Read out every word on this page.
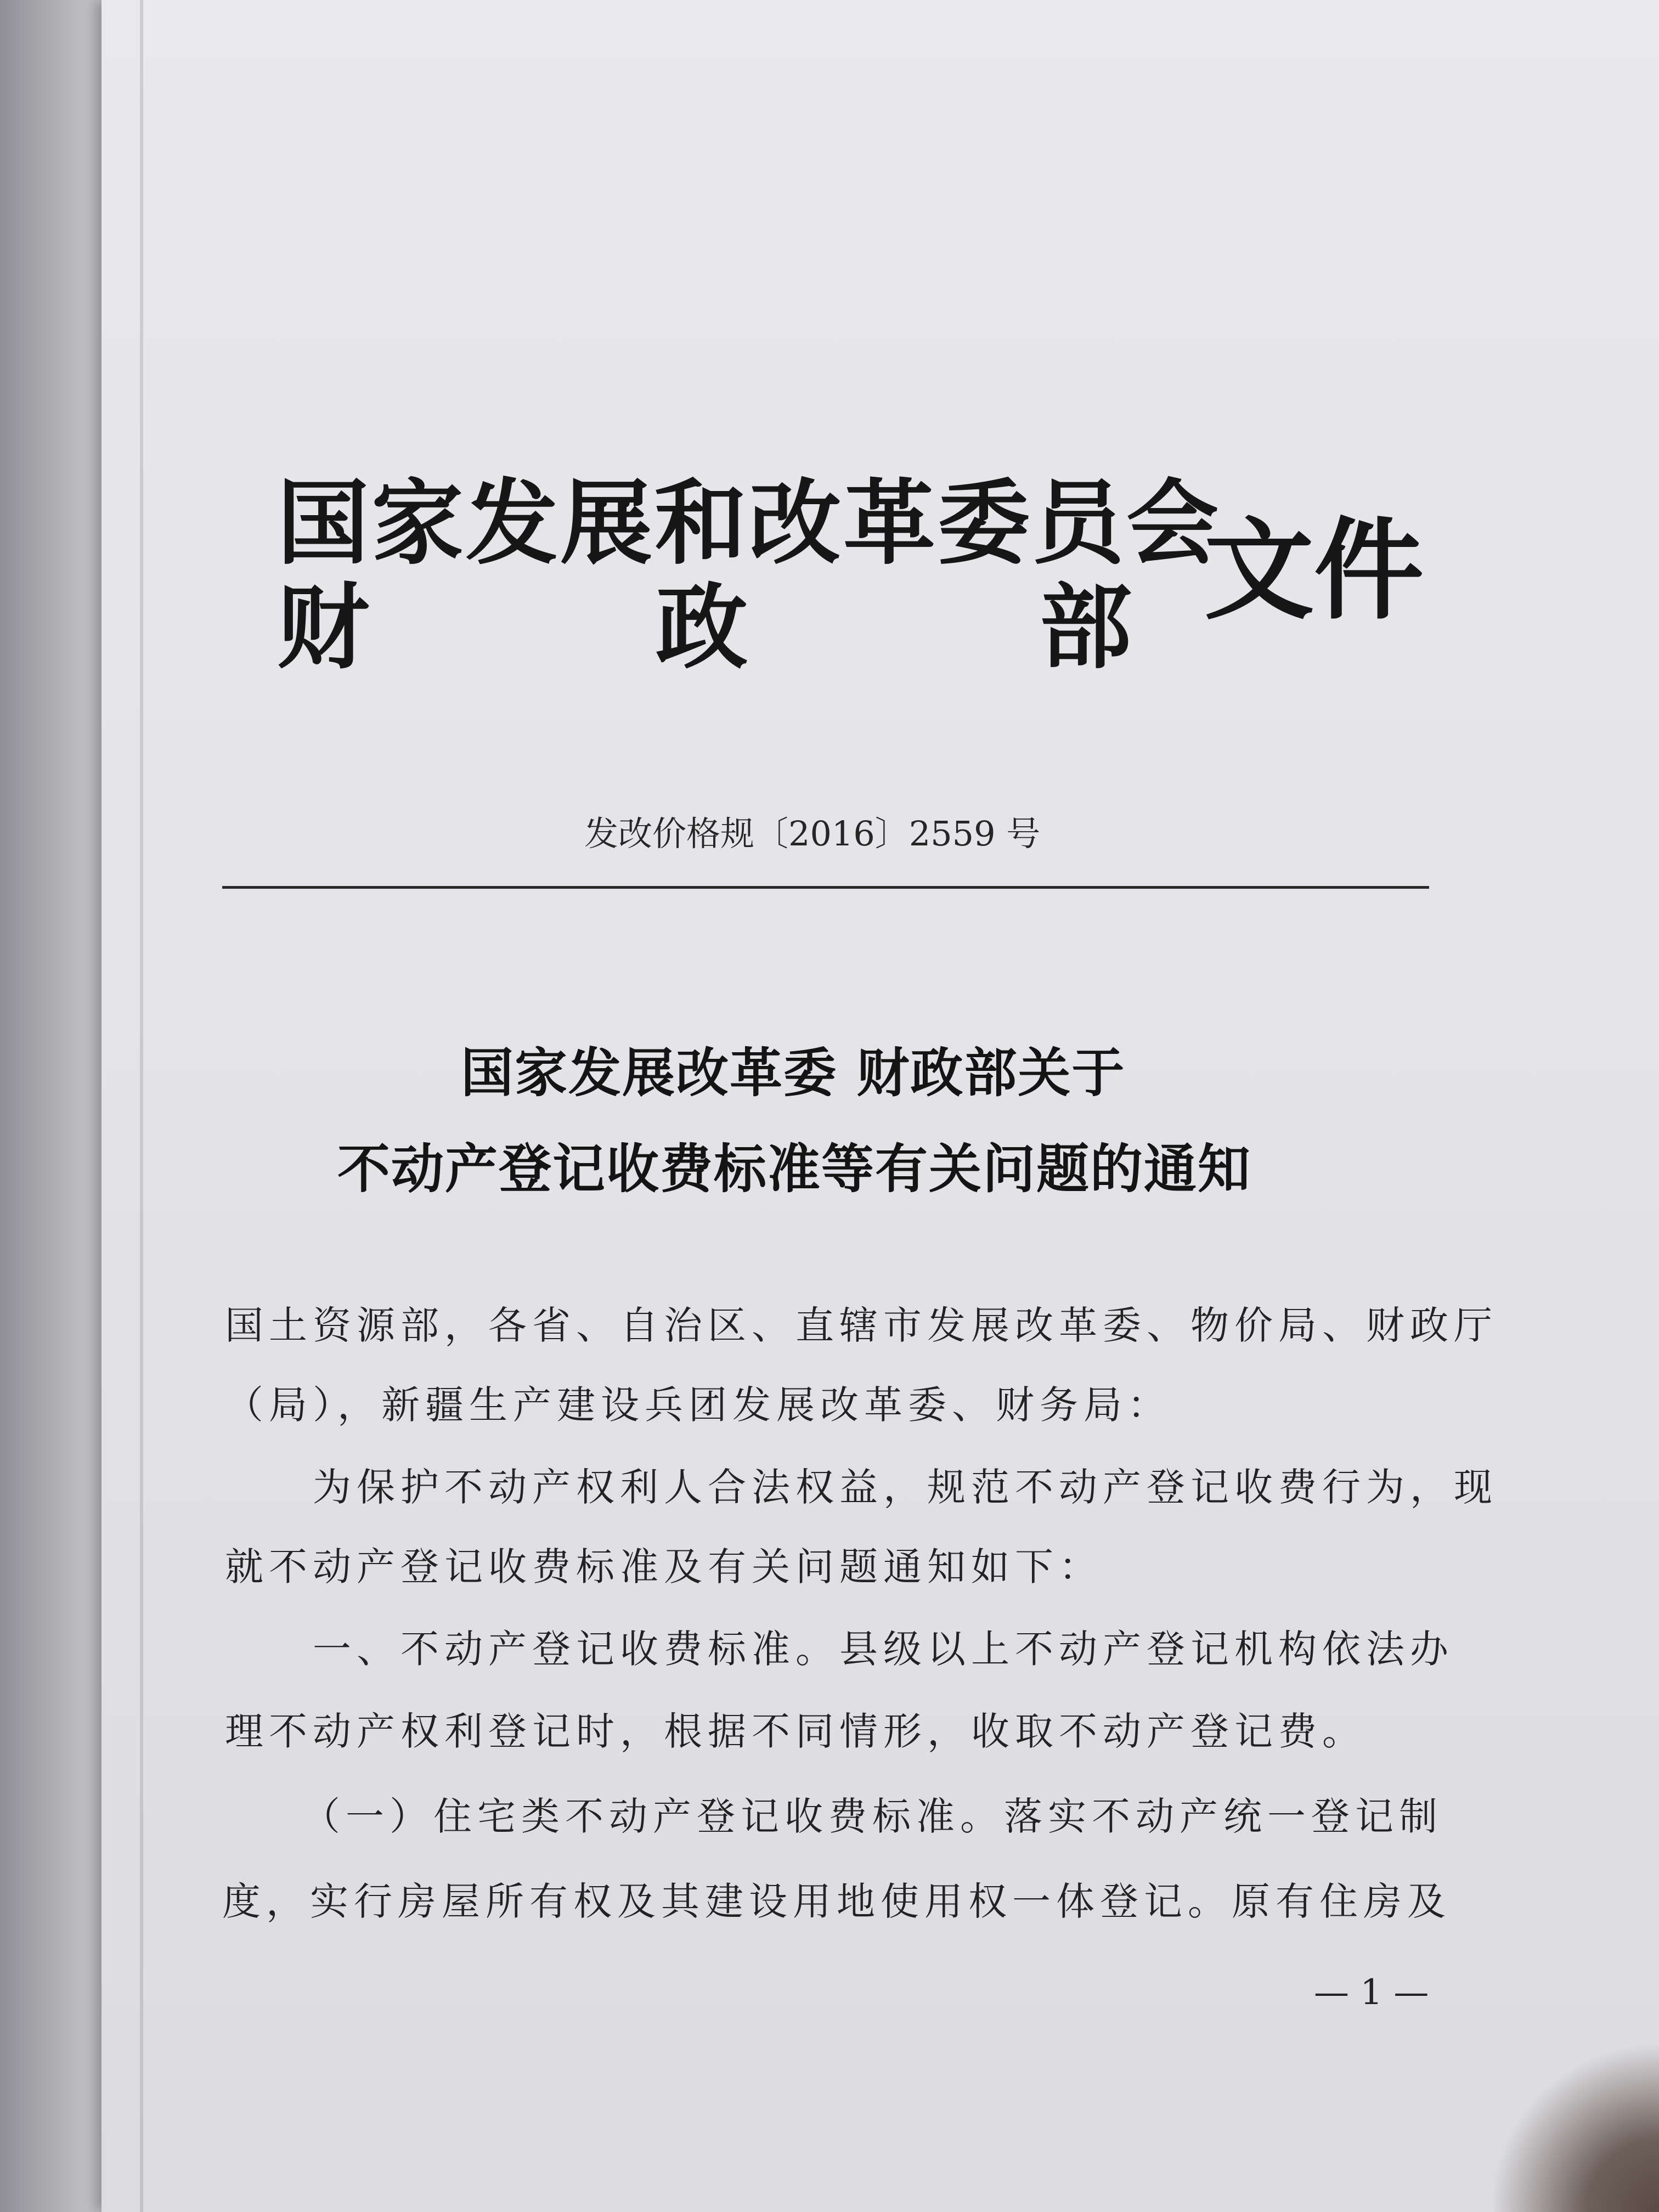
国家发展和改革委员会
财	政	部 文件
发改价格规〔2016〕2559 号
国家发展改革委 财政部关于
不动产登记收费标准等有关问题的通知
国土资源部，各省、自治区、直辖市发展改革委、物价局、财政厅
（局），新疆生产建设兵团发展改革委、财务局：
为保护不动产权利人合法权益，规范不动产登记收费行为，现
就不动产登记收费标准及有关问题通知如下：
一、不动产登记收费标准。县级以上不动产登记机构依法办
理不动产权利登记时，根据不同情形，收取不动产登记费。
（一）住宅类不动产登记收费标准。落实不动产统一登记制
度，实行房屋所有权及其建设用地使用权一体登记。原有住房及
— 1 —
